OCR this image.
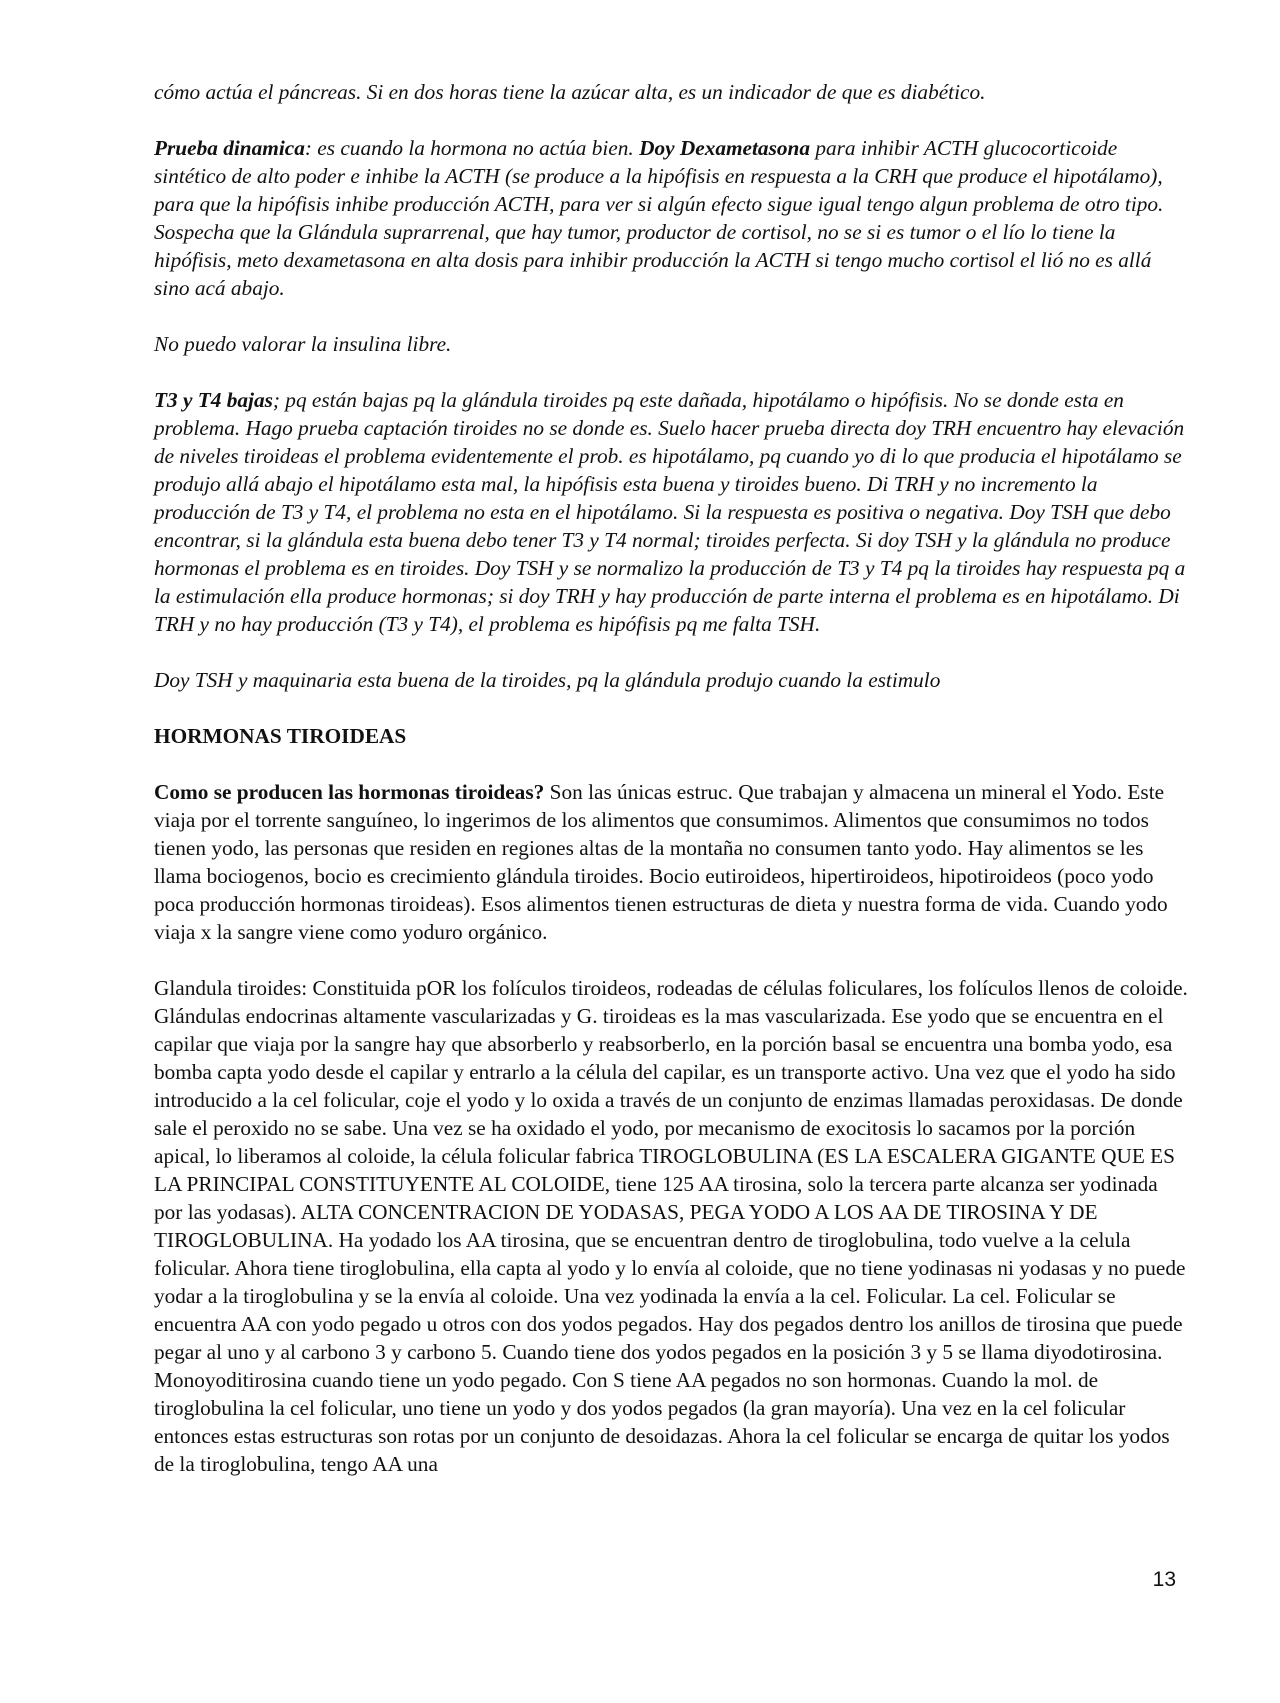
cómo actúa el páncreas. Si en dos horas tiene la azúcar alta, es un indicador de que es diabético.

Prueba dinamica: es cuando la hormona no actúa bien. Doy Dexametasona para inhibir ACTH glucocorticoide sintético de alto poder e inhibe la ACTH (se produce a la hipófisis en respuesta a la CRH que produce el hipotálamo), para que la hipófisis inhibe producción ACTH, para ver si algún efecto sigue igual tengo algun problema de otro tipo. Sospecha que la Glándula suprarrenal, que hay tumor, productor de cortisol, no se si es tumor o el lío lo tiene la hipófisis, meto dexametasona en alta dosis para inhibir producción la ACTH si tengo mucho cortisol el lió no es allá sino acá abajo.

No puedo valorar la insulina libre.

T3 y T4 bajas; pq están bajas pq la glándula tiroides pq este dañada, hipotálamo o hipófisis. No se donde esta en problema. Hago prueba captación tiroides no se donde es. Suelo hacer prueba directa doy TRH encuentro hay elevación de niveles tiroideas el problema evidentemente el prob. es hipotálamo, pq cuando yo di lo que producia el hipotálamo se produjo allá abajo el hipotálamo esta mal, la hipófisis esta buena y tiroides bueno. Di TRH y no incremento la producción de T3 y T4, el problema no esta en el hipotálamo. Si la respuesta es positiva o negativa. Doy TSH que debo encontrar, si la glándula esta buena debo tener T3 y T4 normal; tiroides perfecta. Si doy TSH y la glándula no produce hormonas el problema es en tiroides. Doy TSH y se normalizo la producción de T3 y T4 pq la tiroides hay respuesta pq a la estimulación ella produce hormonas; si doy TRH y hay producción de parte interna el problema es en hipotálamo. Di TRH y no hay producción (T3 y T4), el problema es hipófisis pq me falta TSH.

Doy TSH y maquinaria esta buena de la tiroides, pq la glándula produjo cuando la estimulo

HORMONAS TIROIDEAS

Como se producen las hormonas tiroideas? Son las únicas estruc. Que trabajan y almacena un mineral el Yodo. Este viaja por el torrente sanguíneo, lo ingerimos de los alimentos que consumimos. Alimentos que consumimos no todos tienen yodo, las personas que residen en regiones altas de la montaña no consumen tanto yodo. Hay alimentos se les llama bociogenos, bocio es crecimiento glándula tiroides. Bocio eutiroideos, hipertiroideos, hipotiroideos (poco yodo poca producción hormonas tiroideas). Esos alimentos tienen estructuras de dieta y nuestra forma de vida. Cuando yodo viaja x la sangre viene como yoduro orgánico.

Glandula tiroides: Constituida pOR los folículos tiroideos, rodeadas de células foliculares, los folículos llenos de coloide. Glándulas endocrinas altamente vascularizadas y G. tiroideas es la mas vascularizada. Ese yodo que se encuentra en el capilar que viaja por la sangre hay que absorberlo y reabsorberlo, en la porción basal se encuentra una bomba yodo, esa bomba capta yodo desde el capilar y entrarlo a la célula del capilar, es un transporte activo. Una vez que el yodo ha sido introducido a la cel folicular, coje el yodo y lo oxida a través de un conjunto de enzimas llamadas peroxidasas. De donde sale el peroxido no se sabe. Una vez se ha oxidado el yodo, por mecanismo de exocitosis lo sacamos por la porción apical, lo liberamos al coloide, la célula folicular fabrica TIROGLOBULINA (ES LA ESCALERA GIGANTE QUE ES LA PRINCIPAL CONSTITUYENTE AL COLOIDE, tiene 125 AA tirosina, solo la tercera parte alcanza ser yodinada por las yodasas). ALTA CONCENTRACION DE YODASAS, PEGA YODO A LOS AA DE TIROSINA Y DE TIROGLOBULINA. Ha yodado los AA tirosina, que se encuentran dentro de tiroglobulina, todo vuelve a la celula folicular. Ahora tiene tiroglobulina, ella capta al yodo y lo envía al coloide, que no tiene yodinasas ni yodasas y no puede yodar a la tiroglobulina y se la envía al coloide. Una vez yodinada la envía a la cel. Folicular. La cel. Folicular se encuentra AA con yodo pegado u otros con dos yodos pegados. Hay dos pegados dentro los anillos de tirosina que puede pegar al uno y al carbono 3 y carbono 5. Cuando tiene dos yodos pegados en la posición 3 y 5 se llama diyodotirosina. Monoyoditirosina cuando tiene un yodo pegado. Con S tiene AA pegados no son hormonas. Cuando la mol. de tiroglobulina la cel folicular, uno tiene un yodo y dos yodos pegados (la gran mayoría). Una vez en la cel folicular entonces estas estructuras son rotas por un conjunto de desoidazas. Ahora la cel folicular se encarga de quitar los yodos de la tiroglobulina, tengo AA una

13
